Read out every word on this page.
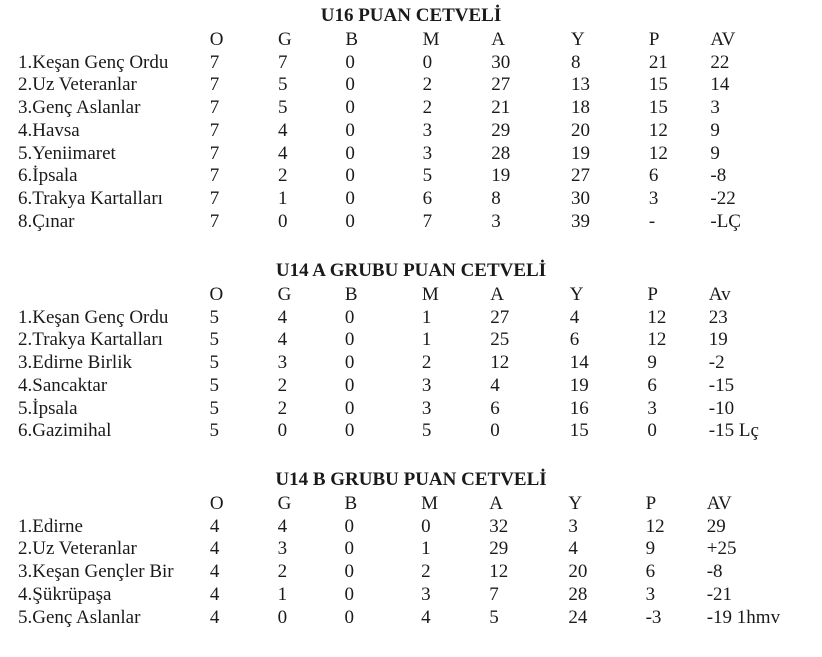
U16 PUAN CETVELİ
	O	G	B	M	A	Y	P	AV
1.Keşan Genç Ordu	7	7	0	0	30	8	21	22
2.Uz Veteranlar	7	5	0	2	27	13	15	14
3.Genç Aslanlar	7	5	0	2	21	18	15	3
4.Havsa	7	4	0	3	29	20	12	9
5.Yeniimaret	7	4	0	3	28	19	12	9
6.İpsala	7	2	0	5	19	27	6	-8
6.Trakya Kartalları	7	1	0	6	8	30	3	-22
8.Çınar	7	0	0	7	3	39	-	-LÇ
U14 A GRUBU PUAN CETVELİ
	O	G	B	M	A	Y	P	Av
1.Keşan Genç Ordu	5	4	0	1	27	4	12	23
2.Trakya Kartalları	5	4	0	1	25	6	12	19
3.Edirne Birlik	5	3	0	2	12	14	9	-2
4.Sancaktar	5	2	0	3	4	19	6	-15
5.İpsala	5	2	0	3	6	16	3	-10
6.Gazimihal	5	0	0	5	0	15	0	-15 Lç
U14 B GRUBU PUAN CETVELİ
	O	G	B	M	A	Y	P	AV
1.Edirne	4	4	0	0	32	3	12	29
2.Uz Veteranlar	4	3	0	1	29	4	9	+25
3.Keşan Gençler Bir	4	2	0	2	12	20	6	-8
4.Şükrüpaşa	4	1	0	3	7	28	3	-21
5.Genç Aslanlar	4	0	0	4	5	24	-3	-19 1hmv
